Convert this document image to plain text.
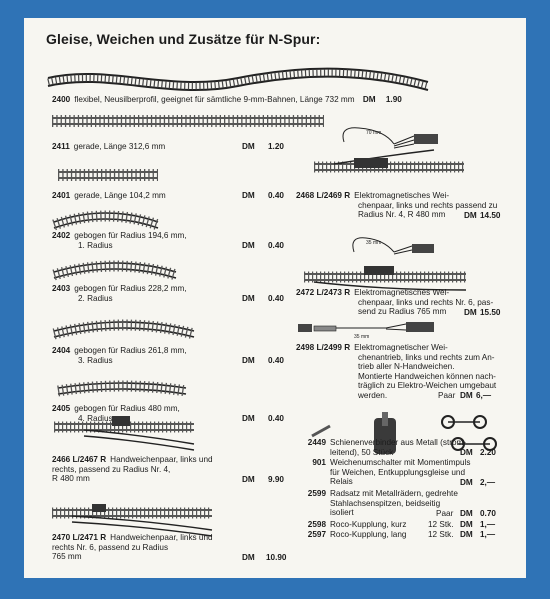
Gleise, Weichen und Zusätze für N-Spur:
70 mm
35 mm
35 mm
2400 flexibel, Neusilberprofil, geeignet für sämtliche 9-mm-Bahnen, Länge 732 mm DM 1.90
2411 gerade, Länge 312,6 mm	DM 1.20
2401 gerade, Länge 104,2 mm	DM 0.40
2402 gebogen für Radius 194,6 mm,
1. Radius	DM 0.40
2403 gebogen für Radius 228,2 mm,
2. Radius	DM 0.40
2404 gebogen für Radius 261,8 mm,
3. Radius	DM 0.40
2405 gebogen für Radius 480 mm,
4. Radius	DM 0.40
2466 L/2467 R Handweichenpaar, links und
rechts, passend zu Radius Nr. 4,
R 480 mm	DM 9.90
2470 L/2471 R Handweichenpaar, links und
rechts Nr. 6, passend zu Radius
765 mm	DM 10.90
2468 L/2469 R Elektromagnetisches Wei-
chenpaar, links und rechts passend zu
Radius Nr. 4, R 480 mm	DM 14.50
2472 L/2473 R Elektromagnetisches Wei-
chenpaar, links und rechts Nr. 6, pas-
send zu Radius 765 mm	DM 15.50
2498 L/2499 R Elektromagnetischer Wei-
chenantrieb, links und rechts zum An-
trieb aller N-Handweichen.
Montierte Handweichen können nach-
träglich zu Elektro-Weichen umgebaut
werden.	Paar DM 6,—
2449 Schienenverbinder aus Metall (strom-
leitend), 50 Stück	DM 2.20
901 Weichenumschalter mit Momentimpuls
für Weichen, Entkupplungsgleise und
Relais	DM 2,—
2599 Radsatz mit Metallrädern, gedrehte
Stahlachsenspitzen, beidseitig
isoliert	Paar DM 0.70
2598 Roco-Kupplung, kurz	12 Stk. DM 1,—
2597 Roco-Kupplung, lang	12 Stk. DM 1,—
